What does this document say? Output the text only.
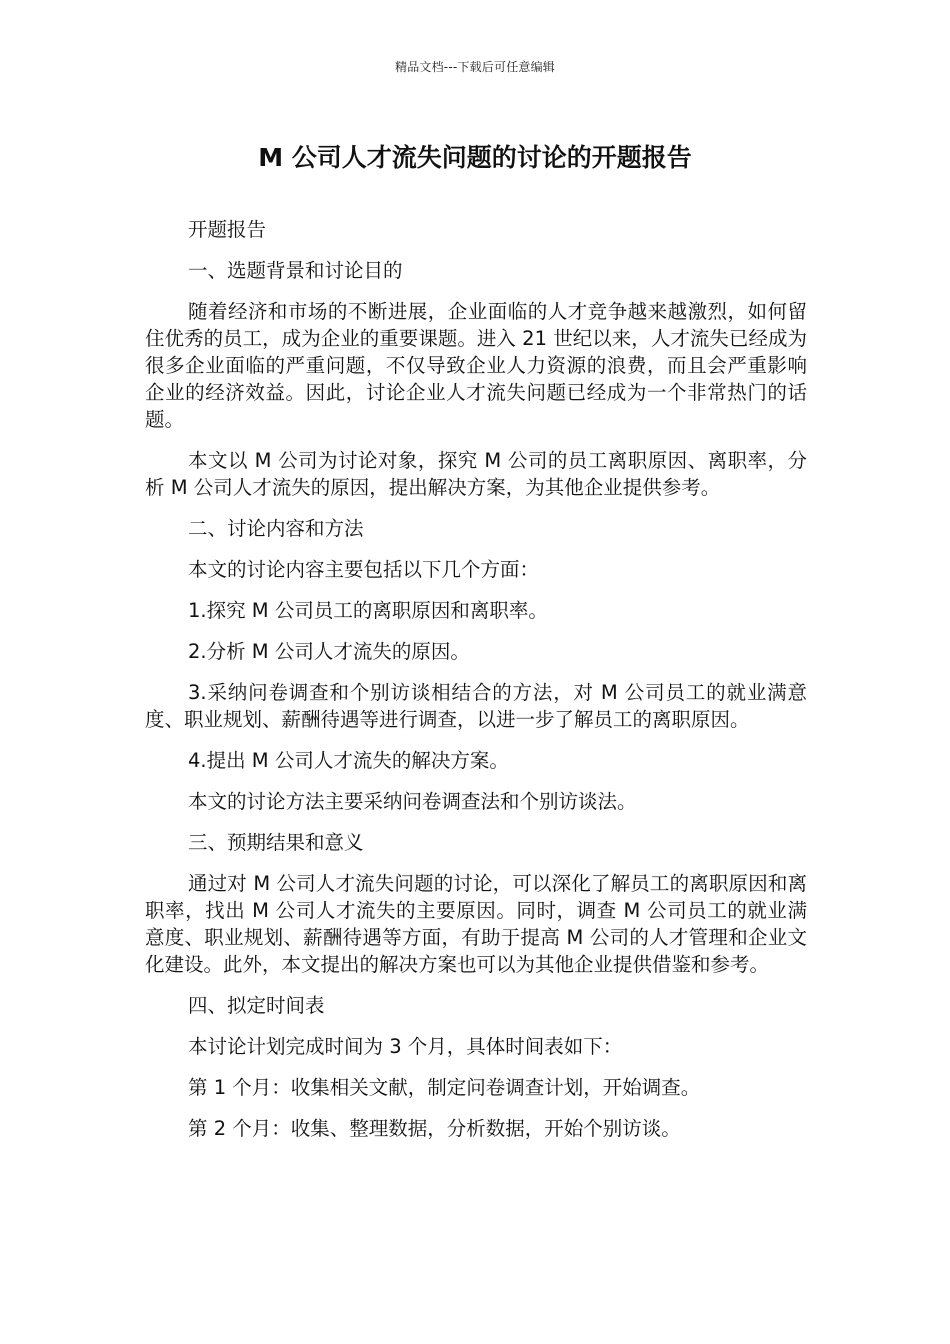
精品文档---下载后可任意编辑
M 公司人才流失问题的讨论的开题报告

开题报告

一、选题背景和讨论目的

随着经济和市场的不断进展，企业面临的人才竞争越来越激烈，如何留住优秀的员工，成为企业的重要课题。进入 21 世纪以来，人才流失已经成为很多企业面临的严重问题，不仅导致企业人力资源的浪费，而且会严重影响企业的经济效益。因此，讨论企业人才流失问题已经成为一个非常热门的话题。

本文以 M 公司为讨论对象，探究 M 公司的员工离职原因、离职率，分析 M 公司人才流失的原因，提出解决方案，为其他企业提供参考。

二、讨论内容和方法

本文的讨论内容主要包括以下几个方面：

1.探究 M 公司员工的离职原因和离职率。

2.分析 M 公司人才流失的原因。

3.采纳问卷调查和个别访谈相结合的方法，对 M 公司员工的就业满意度、职业规划、薪酬待遇等进行调查，以进一步了解员工的离职原因。

4.提出 M 公司人才流失的解决方案。

本文的讨论方法主要采纳问卷调查法和个别访谈法。

三、预期结果和意义

通过对 M 公司人才流失问题的讨论，可以深化了解员工的离职原因和离职率，找出 M 公司人才流失的主要原因。同时，调查 M 公司员工的就业满意度、职业规划、薪酬待遇等方面，有助于提高 M 公司的人才管理和企业文化建设。此外，本文提出的解决方案也可以为其他企业提供借鉴和参考。

四、拟定时间表

本讨论计划完成时间为 3 个月，具体时间表如下：

第 1 个月：收集相关文献，制定问卷调查计划，开始调查。

第 2 个月：收集、整理数据，分析数据，开始个别访谈。
